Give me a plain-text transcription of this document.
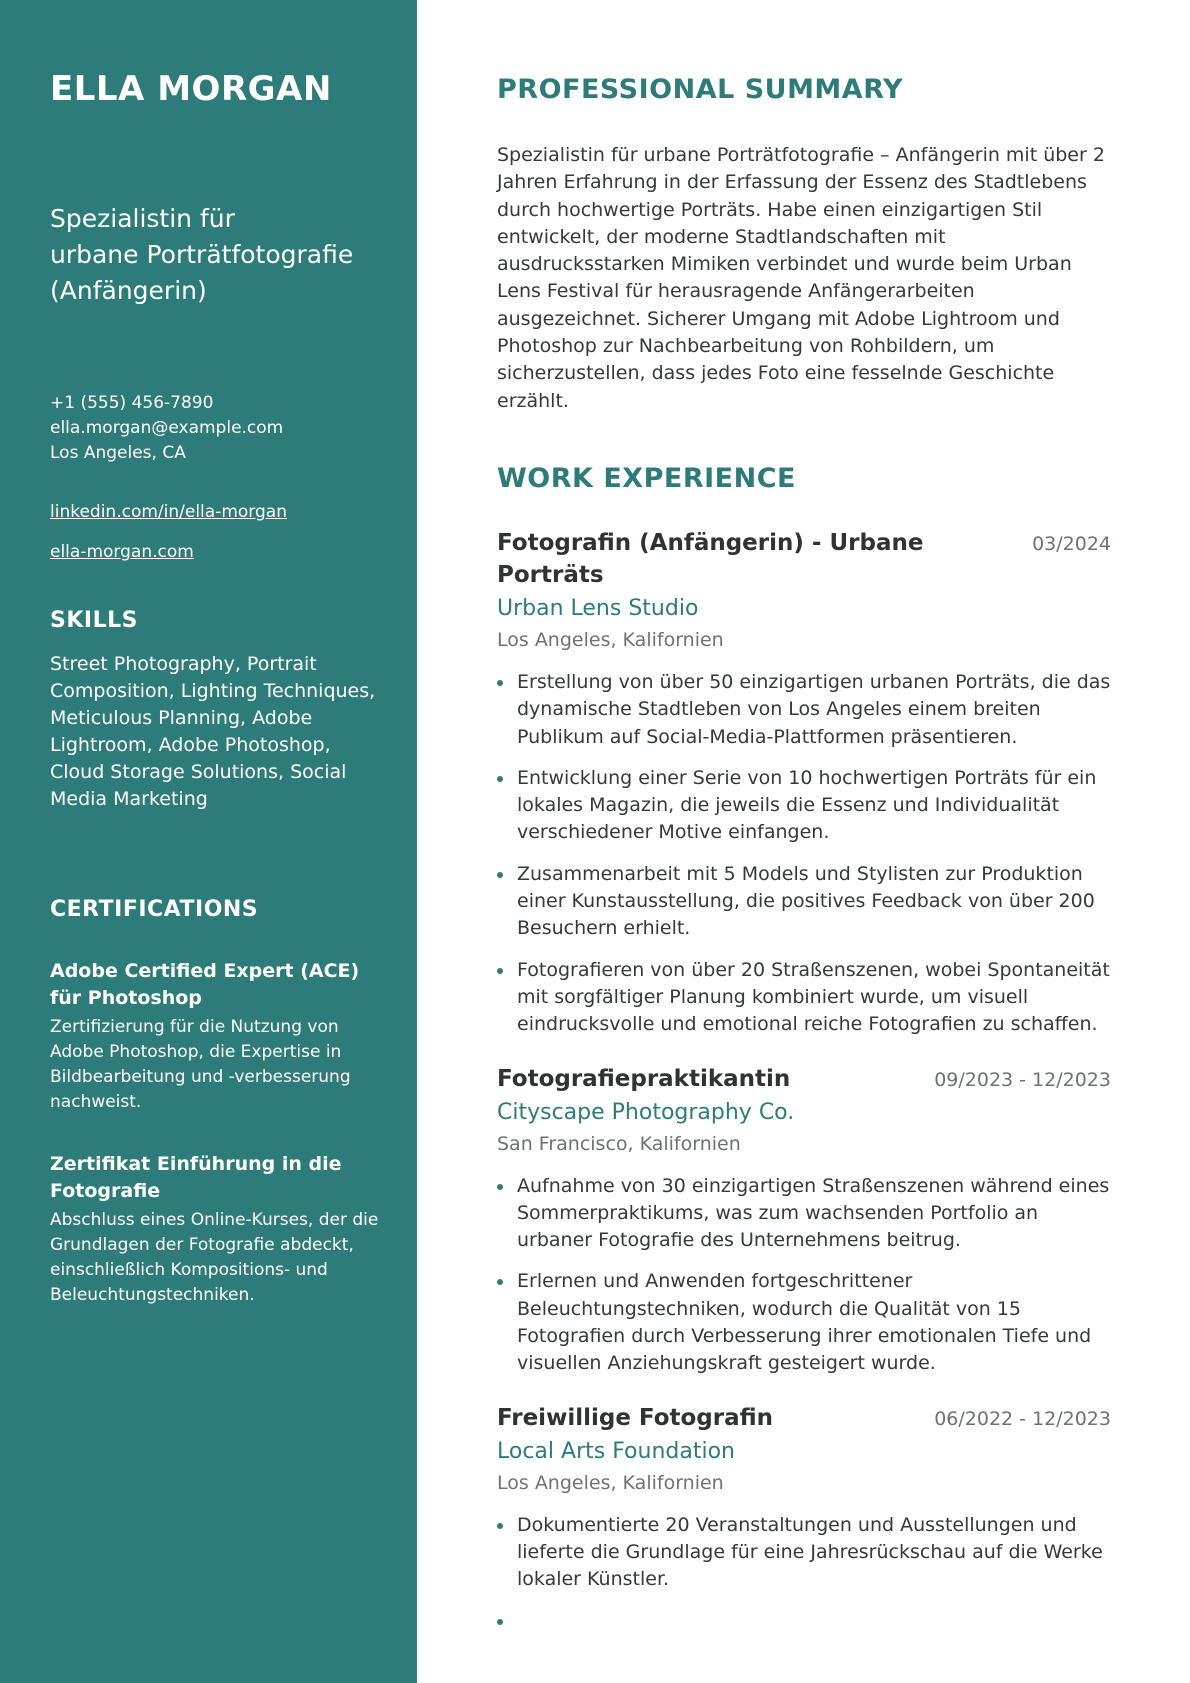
ELLA MORGAN
Spezialistin für
urbane Porträtfotografie
(Anfängerin)
+1 (555) 456-7890
ella.morgan@example.com
Los Angeles, CA
linkedin.com/in/ella-morgan
ella-morgan.com
SKILLS

Street Photography, Portrait Composition, Lighting Techniques, Meticulous Planning, Adobe Lightroom, Adobe Photoshop, Cloud Storage Solutions, Social Media Marketing

CERTIFICATIONS
Adobe Certified Expert (ACE) für Photoshop
Zertifizierung für die Nutzung von Adobe Photoshop, die Expertise in Bildbearbeitung und -verbesserung nachweist.
Zertifikat Einführung in die Fotografie
Abschluss eines Online-Kurses, der die Grundlagen der Fotografie abdeckt, einschließlich Kompositions- und Beleuchtungstechniken.
PROFESSIONAL SUMMARY

Spezialistin für urbane Porträtfotografie – Anfängerin mit über 2 Jahren Erfahrung in der Erfassung der Essenz des Stadtlebens durch hochwertige Porträts. Habe einen einzigartigen Stil entwickelt, der moderne Stadtlandschaften mit ausdrucksstarken Mimiken verbindet und wurde beim Urban Lens Festival für herausragende Anfängerarbeiten ausgezeichnet. Sicherer Umgang mit Adobe Lightroom und Photoshop zur Nachbearbeitung von Rohbildern, um sicherzustellen, dass jedes Foto eine fesselnde Geschichte erzählt.

WORK EXPERIENCE
Fotografin (Anfängerin) - Urbane Porträts
03/2024
Urban Lens Studio
Los Angeles, Kalifornien
Erstellung von über 50 einzigartigen urbanen Porträts, die das dynamische Stadtleben von Los Angeles einem breiten Publikum auf Social-Media-Plattformen präsentieren.
Entwicklung einer Serie von 10 hochwertigen Porträts für ein lokales Magazin, die jeweils die Essenz und Individualität verschiedener Motive einfangen.
Zusammenarbeit mit 5 Models und Stylisten zur Produktion einer Kunstausstellung, die positives Feedback von über 200 Besuchern erhielt.
Fotografieren von über 20 Straßenszenen, wobei Spontaneität mit sorgfältiger Planung kombiniert wurde, um visuell eindrucksvolle und emotional reiche Fotografien zu schaffen.
Fotografiepraktikantin	09/2023 - 12/2023
Cityscape Photography Co.
San Francisco, Kalifornien
Aufnahme von 30 einzigartigen Straßenszenen während eines Sommerpraktikums, was zum wachsenden Portfolio an urbaner Fotografie des Unternehmens beitrug.
Erlernen und Anwenden fortgeschrittener Beleuchtungstechniken, wodurch die Qualität von 15 Fotografien durch Verbesserung ihrer emotionalen Tiefe und visuellen Anziehungskraft gesteigert wurde.
Freiwillige Fotografin	06/2022 - 12/2023
Local Arts Foundation
Los Angeles, Kalifornien
Dokumentierte 20 Veranstaltungen und Ausstellungen und lieferte die Grundlage für eine Jahresrückschau auf die Werke lokaler Künstler.
